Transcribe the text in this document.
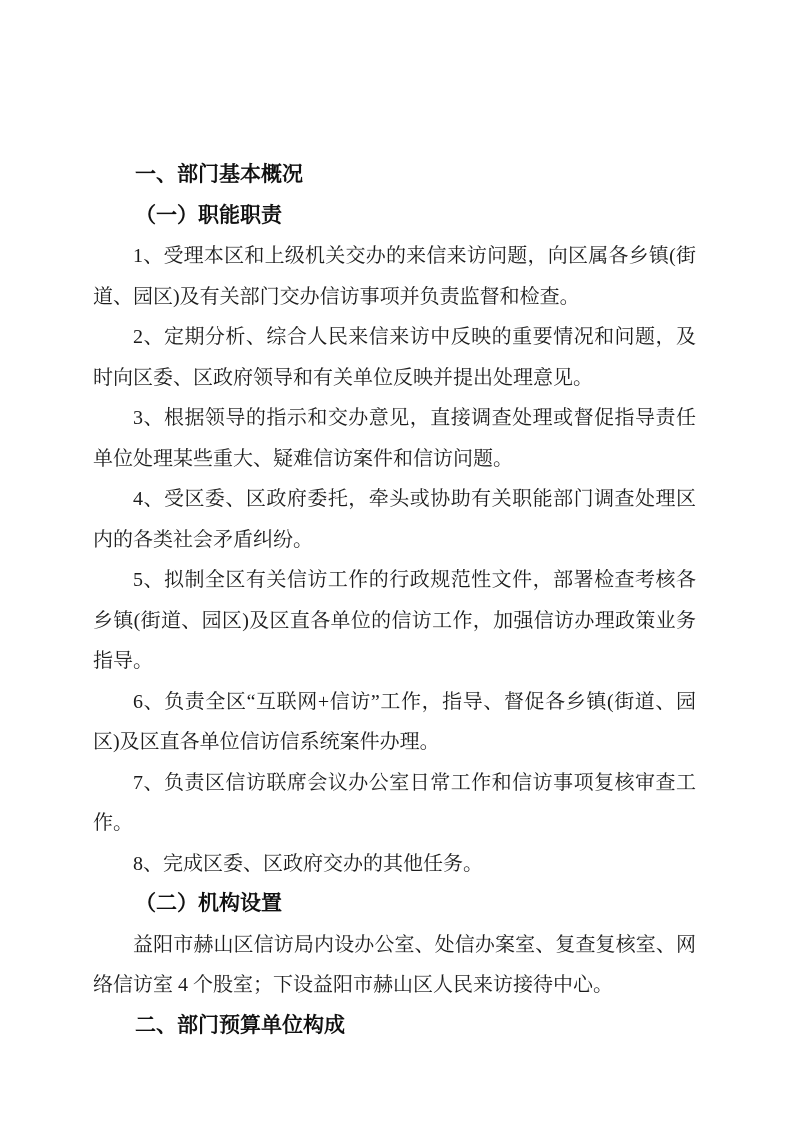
一、部门基本概况

（一）职能职责

1、受理本区和上级机关交办的来信来访问题，向区属各乡镇(街道、园区)及有关部门交办信访事项并负责监督和检查。

2、定期分析、综合人民来信来访中反映的重要情况和问题，及时向区委、区政府领导和有关单位反映并提出处理意见。

3、根据领导的指示和交办意见，直接调查处理或督促指导责任单位处理某些重大、疑难信访案件和信访问题。

4、受区委、区政府委托，牵头或协助有关职能部门调查处理区内的各类社会矛盾纠纷。

5、拟制全区有关信访工作的行政规范性文件，部署检查考核各乡镇(街道、园区)及区直各单位的信访工作，加强信访办理政策业务指导。

6、负责全区“互联网+信访”工作，指导、督促各乡镇(街道、园区)及区直各单位信访信系统案件办理。

7、负责区信访联席会议办公室日常工作和信访事项复核审查工作。

8、完成区委、区政府交办的其他任务。

（二）机构设置

益阳市赫山区信访局内设办公室、处信办案室、复查复核室、网络信访室 4 个股室；下设益阳市赫山区人民来访接待中心。

二、部门预算单位构成
